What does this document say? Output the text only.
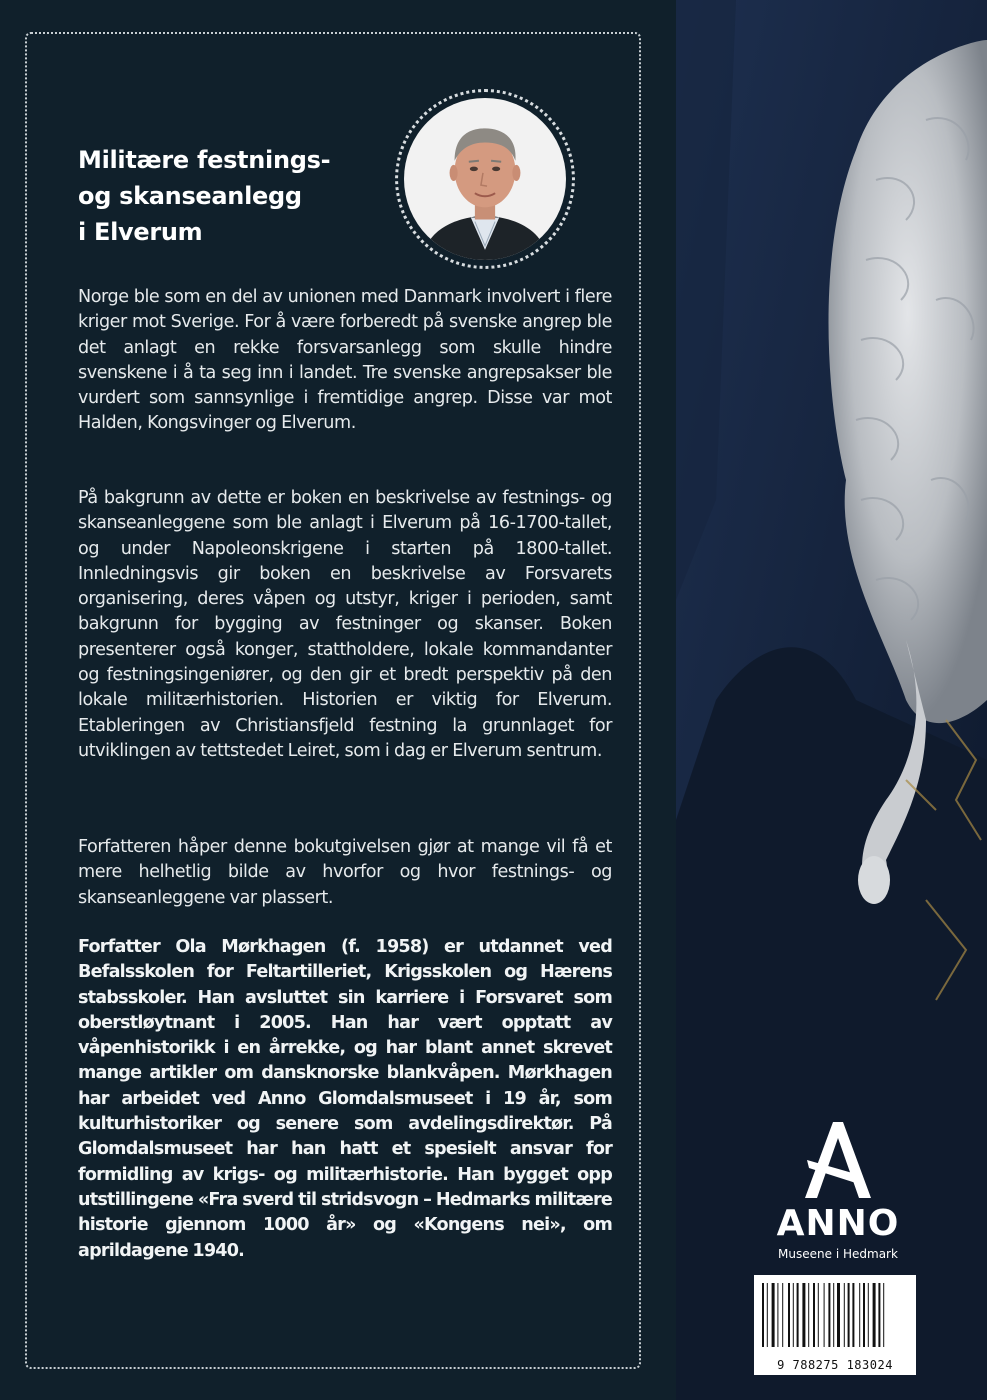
Militære festnings-
og skanseanlegg
i Elverum

Norge ble som en del av unionen med Danmark involvert i flere kriger mot Sverige. For å være forberedt på svenske angrep ble det anlagt en rekke forsvarsanlegg som skulle hindre svenskene i å ta seg inn i landet. Tre svenske angrepsakser ble vurdert som sannsynlige i fremtidige angrep. Disse var mot Halden, Kongsvinger og Elverum.

På bakgrunn av dette er boken en beskrivelse av festnings- og skanseanleggene som ble anlagt i Elverum på 16-1700-tallet, og under Napoleonskrigene i starten på 1800-tallet. Innledningsvis gir boken en beskrivelse av Forsvarets organisering, deres våpen og utstyr, kriger i perioden, samt bakgrunn for bygging av festninger og skanser. Boken presenterer også konger, stattholdere, lokale kommandanter og festningsingeniører, og den gir et bredt perspektiv på den lokale militærhistorien. Historien er viktig for Elverum. Etableringen av Christiansfjeld festning la grunnlaget for utviklingen av tettstedet Leiret, som i dag er Elverum sentrum.

Forfatteren håper denne bokutgivelsen gjør at mange vil få et mere helhetlig bilde av hvorfor og hvor festnings- og skanseanleggene var plassert.

Forfatter Ola Mørkhagen (f. 1958) er utdannet ved Befalsskolen for Feltartilleriet, Krigsskolen og Hærens stabsskoler. Han avsluttet sin karriere i Forsvaret som oberstløytnant i 2005. Han har vært opptatt av våpenhistorikk i en årrekke, og har blant annet skrevet mange artikler om dansknorske blankvåpen. Mørkhagen har arbeidet ved Anno Glomdalsmuseet i 19 år, som kulturhistoriker og senere som avdelingsdirektør. På Glomdalsmuseet har han hatt et spesielt ansvar for formidling av krigs- og militærhistorie. Han bygget opp utstillingene «Fra sverd til stridsvogn – Hedmarks militære historie gjennom 1000 år» og «Kongens nei», om aprildagene 1940.

ANNO
Museene i Hedmark
9 788275 183024
